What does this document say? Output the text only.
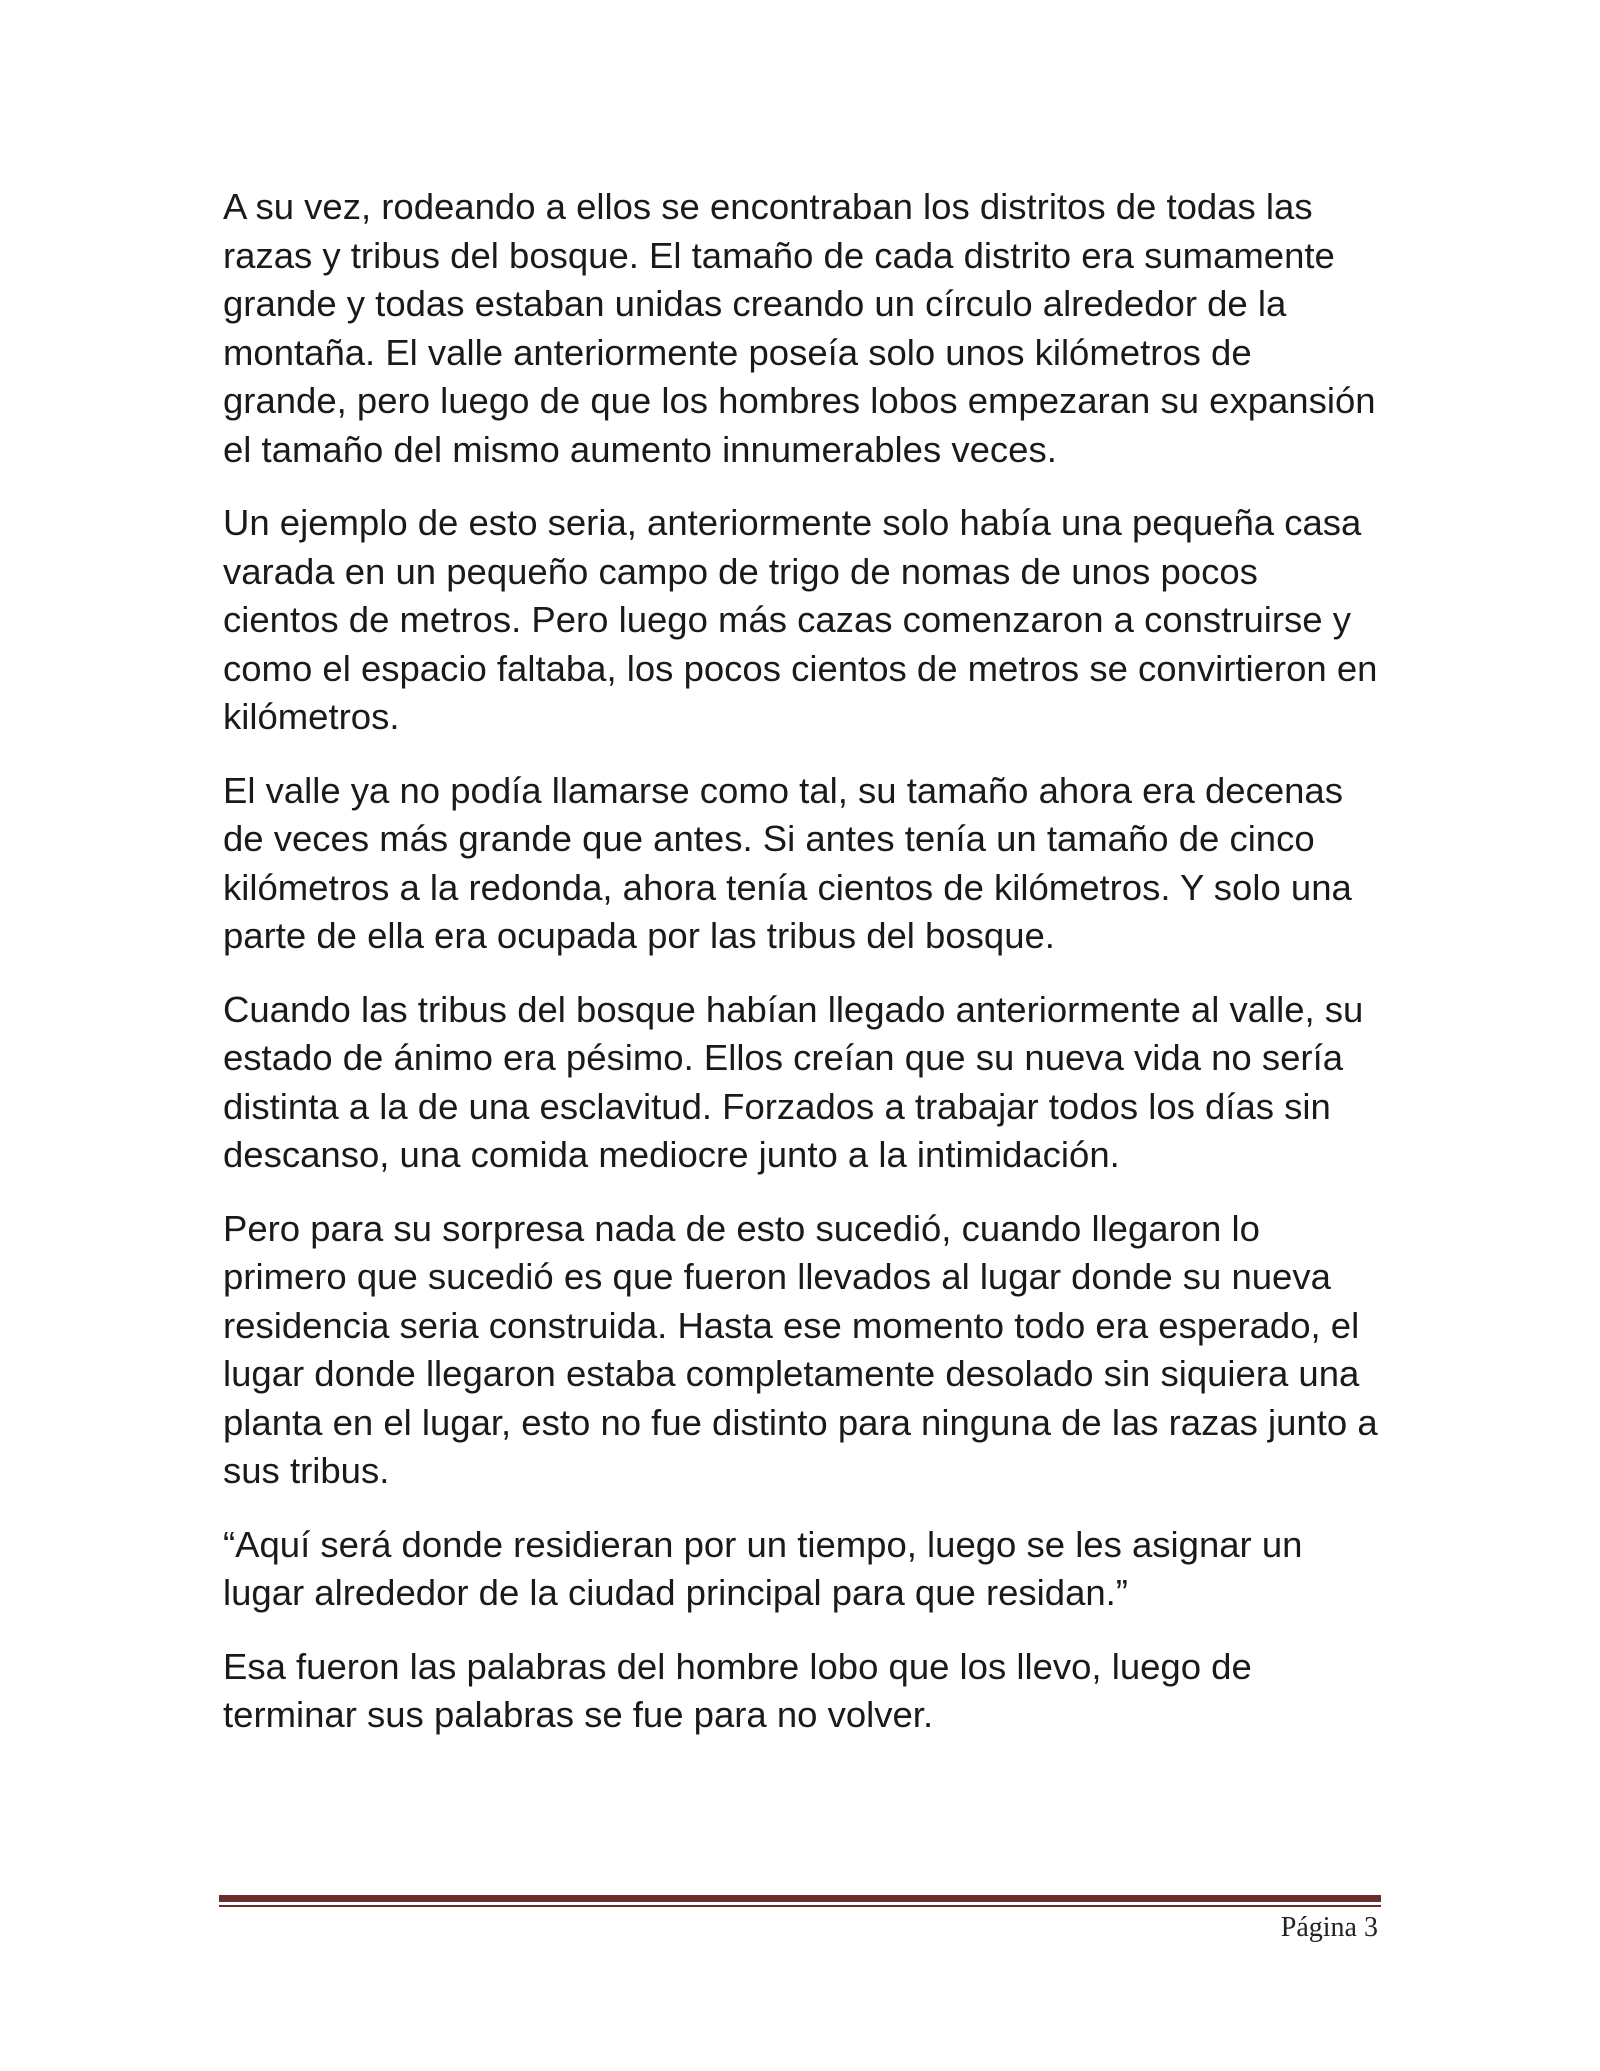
A su vez, rodeando a ellos se encontraban los distritos de todas las razas y tribus del bosque. El tamaño de cada distrito era sumamente grande y todas estaban unidas creando un círculo alrededor de la montaña. El valle anteriormente poseía solo unos kilómetros de grande, pero luego de que los hombres lobos empezaran su expansión el tamaño del mismo aumento innumerables veces.

Un ejemplo de esto seria, anteriormente solo había una pequeña casa varada en un pequeño campo de trigo de nomas de unos pocos cientos de metros. Pero luego más cazas comenzaron a construirse y como el espacio faltaba, los pocos cientos de metros se convirtieron en kilómetros.

El valle ya no podía llamarse como tal, su tamaño ahora era decenas de veces más grande que antes. Si antes tenía un tamaño de cinco kilómetros a la redonda, ahora tenía cientos de kilómetros. Y solo una parte de ella era ocupada por las tribus del bosque.

Cuando las tribus del bosque habían llegado anteriormente al valle, su estado de ánimo era pésimo. Ellos creían que su nueva vida no sería distinta a la de una esclavitud. Forzados a trabajar todos los días sin descanso, una comida mediocre junto a la intimidación.

Pero para su sorpresa nada de esto sucedió, cuando llegaron lo primero que sucedió es que fueron llevados al lugar donde su nueva residencia seria construida. Hasta ese momento todo era esperado, el lugar donde llegaron estaba completamente desolado sin siquiera una planta en el lugar, esto no fue distinto para ninguna de las razas junto a sus tribus.

“Aquí será donde residieran por un tiempo, luego se les asignar un lugar alrededor de la ciudad principal para que residan.”

Esa fueron las palabras del hombre lobo que los llevo, luego de terminar sus palabras se fue para no volver.

Página 3
